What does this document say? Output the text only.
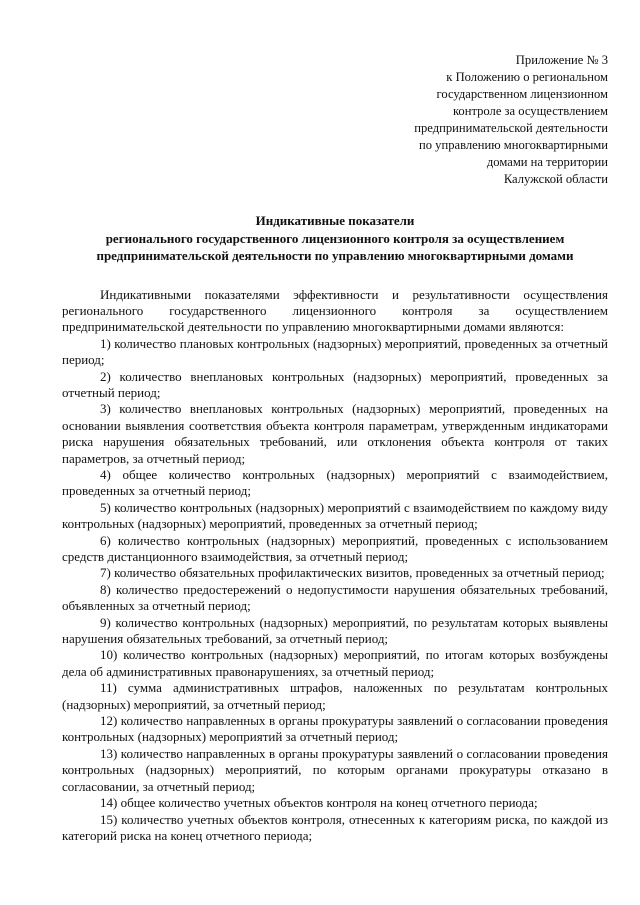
Приложение № 3
к Положению о региональном
государственном лицензионном
контроле за осуществлением
предпринимательской деятельности
по управлению многоквартирными
домами на территории
Калужской области
Индикативные показатели
регионального государственного лицензионного контроля за осуществлением
предпринимательской деятельности по управлению многоквартирными домами

Индикативными показателями эффективности и результативности осуществления регионального государственного лицензионного контроля за осуществлением предпринимательской деятельности по управлению многоквартирными домами являются:

1) количество плановых контрольных (надзорных) мероприятий, проведенных за отчетный период;

2) количество внеплановых контрольных (надзорных) мероприятий, проведенных за отчетный период;

3) количество внеплановых контрольных (надзорных) мероприятий, проведенных на основании выявления соответствия объекта контроля параметрам, утвержденным индикаторами риска нарушения обязательных требований, или отклонения объекта контроля от таких параметров, за отчетный период;

4) общее количество контрольных (надзорных) мероприятий с взаимодействием, проведенных за отчетный период;

5) количество контрольных (надзорных) мероприятий с взаимодействием по каждому виду контрольных (надзорных) мероприятий, проведенных за отчетный период;

6) количество контрольных (надзорных) мероприятий, проведенных с использованием средств дистанционного взаимодействия, за отчетный период;

7) количество обязательных профилактических визитов, проведенных за отчетный период;

8) количество предостережений о недопустимости нарушения обязательных требований, объявленных за отчетный период;

9) количество контрольных (надзорных) мероприятий, по результатам которых выявлены нарушения обязательных требований, за отчетный период;

10) количество контрольных (надзорных) мероприятий, по итогам которых возбуждены дела об административных правонарушениях, за отчетный период;

11) сумма административных штрафов, наложенных по результатам контрольных (надзорных) мероприятий, за отчетный период;

12) количество направленных в органы прокуратуры заявлений о согласовании проведения контрольных (надзорных) мероприятий за отчетный период;

13) количество направленных в органы прокуратуры заявлений о согласовании проведения контрольных (надзорных) мероприятий, по которым органами прокуратуры отказано в согласовании, за отчетный период;

14) общее количество учетных объектов контроля на конец отчетного периода;

15) количество учетных объектов контроля, отнесенных к категориям риска, по каждой из категорий риска на конец отчетного периода;
